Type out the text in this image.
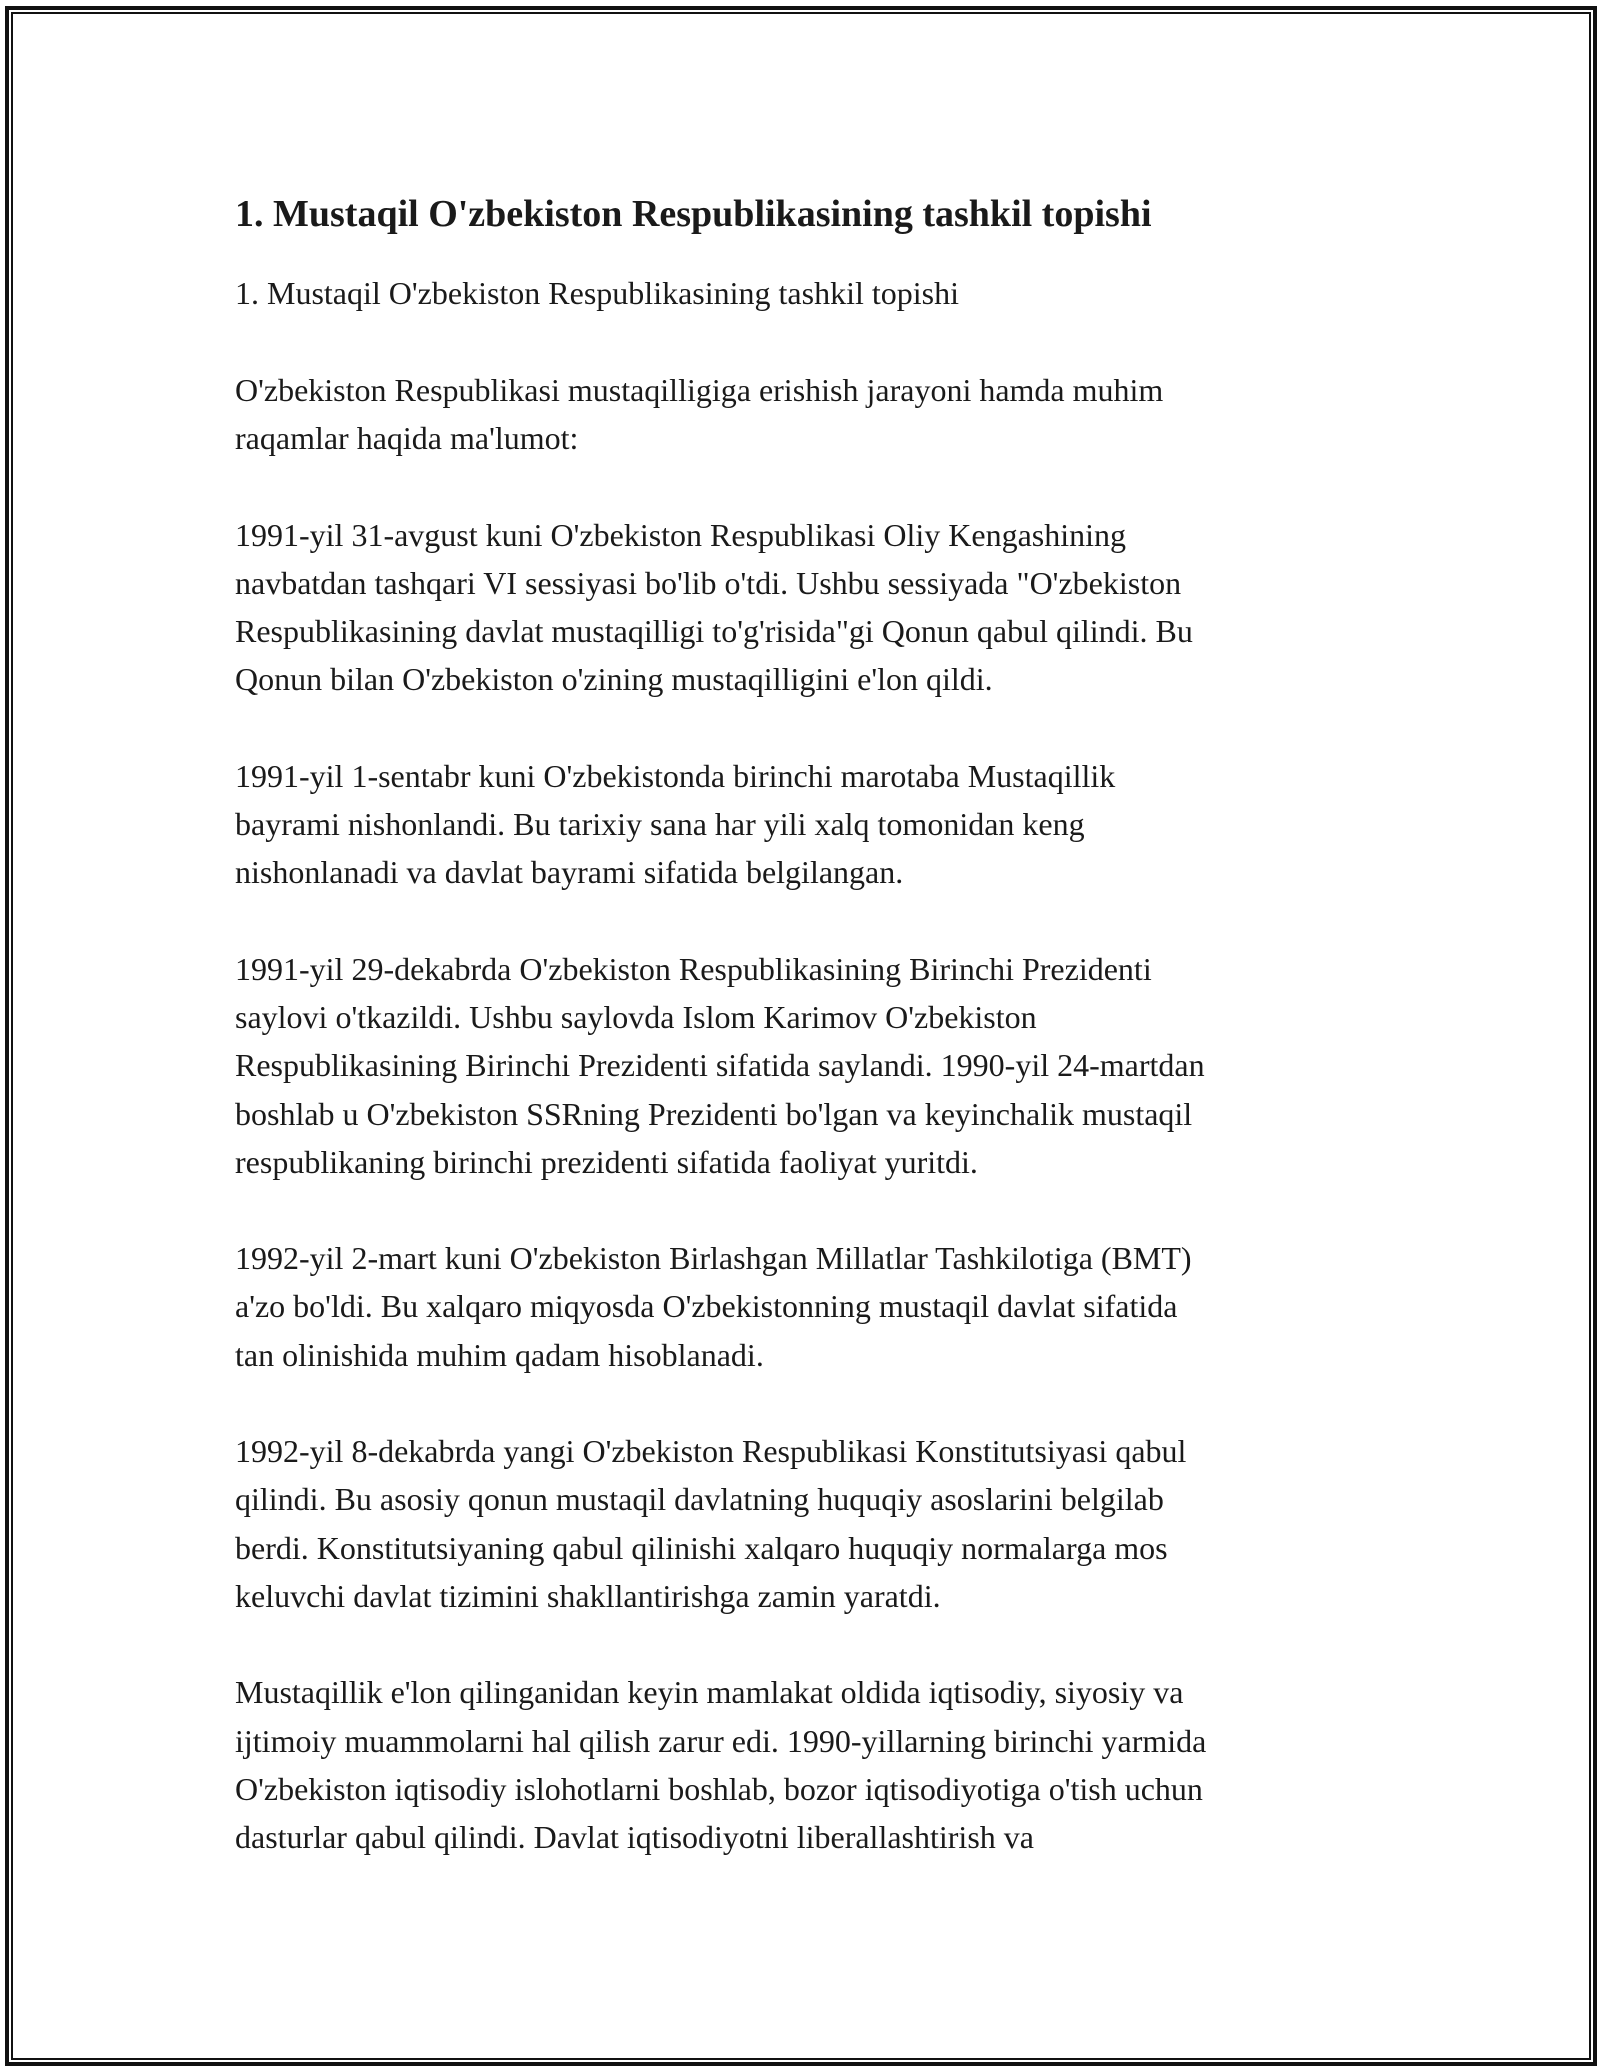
1. Mustaqil O'zbekiston Respublikasining tashkil topishi
1. Mustaqil O'zbekiston Respublikasining tashkil topishi
O'zbekiston Respublikasi mustaqilligiga erishish jarayoni hamda muhim
raqamlar haqida ma'lumot:
1991-yil 31-avgust kuni O'zbekiston Respublikasi Oliy Kengashining
navbatdan tashqari VI sessiyasi bo'lib o'tdi. Ushbu sessiyada "O'zbekiston
Respublikasining davlat mustaqilligi to'g'risida"gi Qonun qabul qilindi. Bu
Qonun bilan O'zbekiston o'zining mustaqilligini e'lon qildi.
1991-yil 1-sentabr kuni O'zbekistonda birinchi marotaba Mustaqillik
bayrami nishonlandi. Bu tarixiy sana har yili xalq tomonidan keng
nishonlanadi va davlat bayrami sifatida belgilangan.
1991-yil 29-dekabrda O'zbekiston Respublikasining Birinchi Prezidenti
saylovi o'tkazildi. Ushbu saylovda Islom Karimov O'zbekiston
Respublikasining Birinchi Prezidenti sifatida saylandi. 1990-yil 24-martdan
boshlab u O'zbekiston SSRning Prezidenti bo'lgan va keyinchalik mustaqil
respublikaning birinchi prezidenti sifatida faoliyat yuritdi.
1992-yil 2-mart kuni O'zbekiston Birlashgan Millatlar Tashkilotiga (BMT)
a'zo bo'ldi. Bu xalqaro miqyosda O'zbekistonning mustaqil davlat sifatida
tan olinishida muhim qadam hisoblanadi.
1992-yil 8-dekabrda yangi O'zbekiston Respublikasi Konstitutsiyasi qabul
qilindi. Bu asosiy qonun mustaqil davlatning huquqiy asoslarini belgilab
berdi. Konstitutsiyaning qabul qilinishi xalqaro huquqiy normalarga mos
keluvchi davlat tizimini shakllantirishga zamin yaratdi.
Mustaqillik e'lon qilinganidan keyin mamlakat oldida iqtisodiy, siyosiy va
ijtimoiy muammolarni hal qilish zarur edi. 1990-yillarning birinchi yarmida
O'zbekiston iqtisodiy islohotlarni boshlab, bozor iqtisodiyotiga o'tish uchun
dasturlar qabul qilindi. Davlat iqtisodiyotni liberallashtirish va
